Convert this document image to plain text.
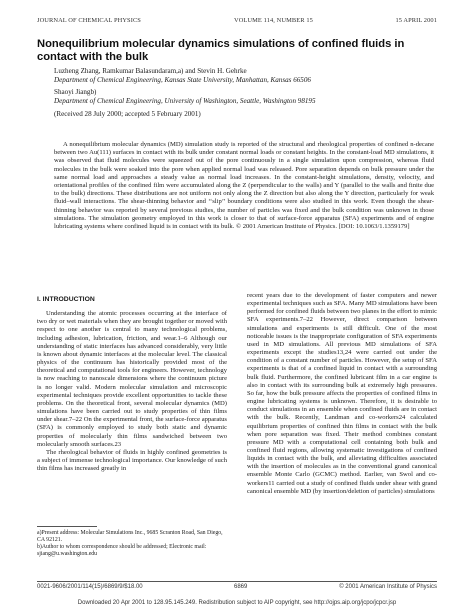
JOURNAL OF CHEMICAL PHYSICS	VOLUME 114, NUMBER 15	15 APRIL 2001
Nonequilibrium molecular dynamics simulations of confined fluids in contact with the bulk
Luzheng Zhang, Ramkumar Balasundaram,a) and Stevin H. Gehrke
Department of Chemical Engineering, Kansas State University, Manhattan, Kansas 66506
Shaoyi Jiangb)
Department of Chemical Engineering, University of Washington, Seattle, Washington 98195
(Received 28 July 2000; accepted 5 February 2001)

A nonequilibrium molecular dynamics (MD) simulation study is reported of the structural and rheological properties of confined n-decane between two Au(111) surfaces in contact with its bulk under constant normal loads or constant heights. In the constant-load MD simulations, it was observed that fluid molecules were squeezed out of the pore continuously in a single simulation upon compression, whereas fluid molecules in the bulk were soaked into the pore when applied normal load was released. Pore separation depends on bulk pressure under the same normal load and approaches a steady value as normal load increases. In the constant-height simulations, density, velocity, and orientational profiles of the confined film were accumulated along the Z (perpendicular to the walls) and Y (parallel to the walls and finite due to the bulk) directions. These distributions are not uniform not only along the Z direction but also along the Y direction, particularly for weak fluid–wall interactions. The shear-thinning behavior and ‘‘slip’’ boundary conditions were also studied in this work. Even though the shear-thinning behavior was reported by several previous studies, the number of particles was fixed and the bulk condition was unknown in those simulations. The simulation geometry employed in this work is closer to that of surface-force apparatus (SFA) experiments and of engine lubricating systems where confined liquid is in contact with its bulk. © 2001 American Institute of Physics. [DOI: 10.1063/1.1359179]

I. INTRODUCTION

Understanding the atomic processes occurring at the interface of two dry or wet materials when they are brought together or moved with respect to one another is central to many technological problems, including adhesion, lubrication, friction, and wear.1–6 Although our understanding of static interfaces has advanced considerably, very little is known about dynamic interfaces at the molecular level. The classical physics of the continuum has historically provided most of the theoretical and computational tools for engineers. However, technology is now reaching to nanoscale dimensions where the continuum picture is no longer valid. Modern molecular simulation and microscopic experimental techniques provide excellent opportunities to tackle these problems. On the theoretical front, several molecular dynamics (MD) simulations have been carried out to study properties of thin films under shear.7–22 On the experimental front, the surface-force apparatus (SFA) is commonly employed to study both static and dynamic properties of molecularly thin films sandwiched between two molecularly smooth surfaces.23

The rheological behavior of fluids in highly confined geometries is a subject of immense technological importance. Our knowledge of such thin films has increased greatly in

recent years due to the development of faster computers and newer experimental techniques such as SFA. Many MD simulations have been performed for confined fluids between two planes in the effort to mimic SFA experiments.7–22 However, direct comparison between simulations and experiments is still difficult. One of the most noticeable issues is the inappropriate configuration of SFA experiments used in MD simulations. All previous MD simulations of SFA experiments except the studies13,24 were carried out under the condition of a constant number of particles. However, the setup of SFA experiments is that of a confined liquid in contact with a surrounding bulk fluid. Furthermore, the confined lubricant film in a car engine is also in contact with its surrounding bulk at extremely high pressures. So far, how the bulk pressure affects the properties of confined films in engine lubricating systems is unknown. Therefore, it is desirable to conduct simulations in an ensemble when confined fluids are in contact with the bulk. Recently, Landman and co-workers24 calculated equilibrium properties of confined thin films in contact with the bulk when pore separation was fixed. Their method combines constant pressure MD with a computational cell containing both bulk and confined fluid regions, allowing systematic investigations of confined liquids in contact with the bulk, and alleviating difficulties associated with the insertion of molecules as in the conventional grand canonical ensemble Monte Carlo (GCMC) method. Earlier, van Swol and co-workers11 carried out a study of confined fluids under shear with grand canonical ensemble MD (by insertion/deletion of particles) simulations

a)Present address: Molecular Simulations Inc., 9685 Scranton Road, San Diego, CA 92121.
b)Author to whom correspondence should be addressed; Electronic mail: sjiang@u.washington.edu
0021-9606/2001/114(15)/6869/9/$18.00	6869	© 2001 American Institute of Physics
Downloaded 20 Apr 2001 to 128.95.145.249. Redistribution subject to AIP copyright, see http://ojps.aip.org/jcpo/jcpcr.jsp
